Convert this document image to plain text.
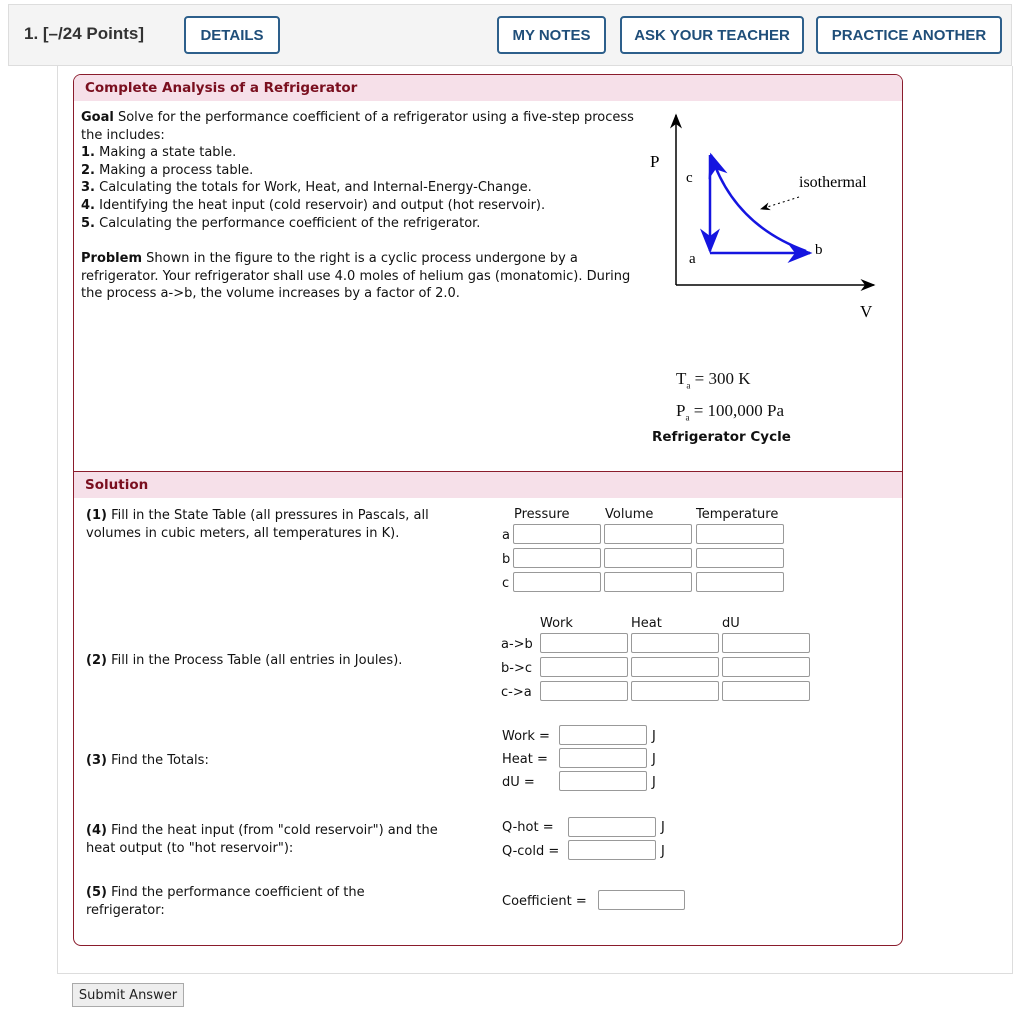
1. [–/24 Points]	DETAILS	MY NOTES	ASK YOUR TEACHER	PRACTICE ANOTHER
Complete Analysis of a Refrigerator
Goal Solve for the performance coefficient of a refrigerator using a five-step process the includes:
1. Making a state table.
2. Making a process table.
3. Calculating the totals for Work, Heat, and Internal-Energy-Change.
4. Identifying the heat input (cold reservoir) and output (hot reservoir).
5. Calculating the performance coefficient of the refrigerator.
Problem Shown in the figure to the right is a cyclic process undergone by a refrigerator. Your refrigerator shall use 4.0 moles of helium gas (monatomic). During the process a->b, the volume increases by a factor of 2.0.
P
V
c
a
b
isothermal
$T_a = 300$ K
$P_a = 100,000$ Pa
Refrigerator Cycle
Solution
(1) Fill in the State Table (all pressures in Pascals, all volumes in cubic meters, all temperatures in K).
(2) Fill in the Process Table (all entries in Joules).
(3) Find the Totals:
(4) Find the heat input (from "cold reservoir") and the heat output (to "hot reservoir"):
(5) Find the performance coefficient of the refrigerator:
Pressure	Volume	Temperature
a
b
c
Work	Heat	dU
a->b
b->c
c->a
Work =
Heat =
dU =
J
J
J
Q-hot =
Q-cold =
J
J
Coefficient =
Submit Answer
